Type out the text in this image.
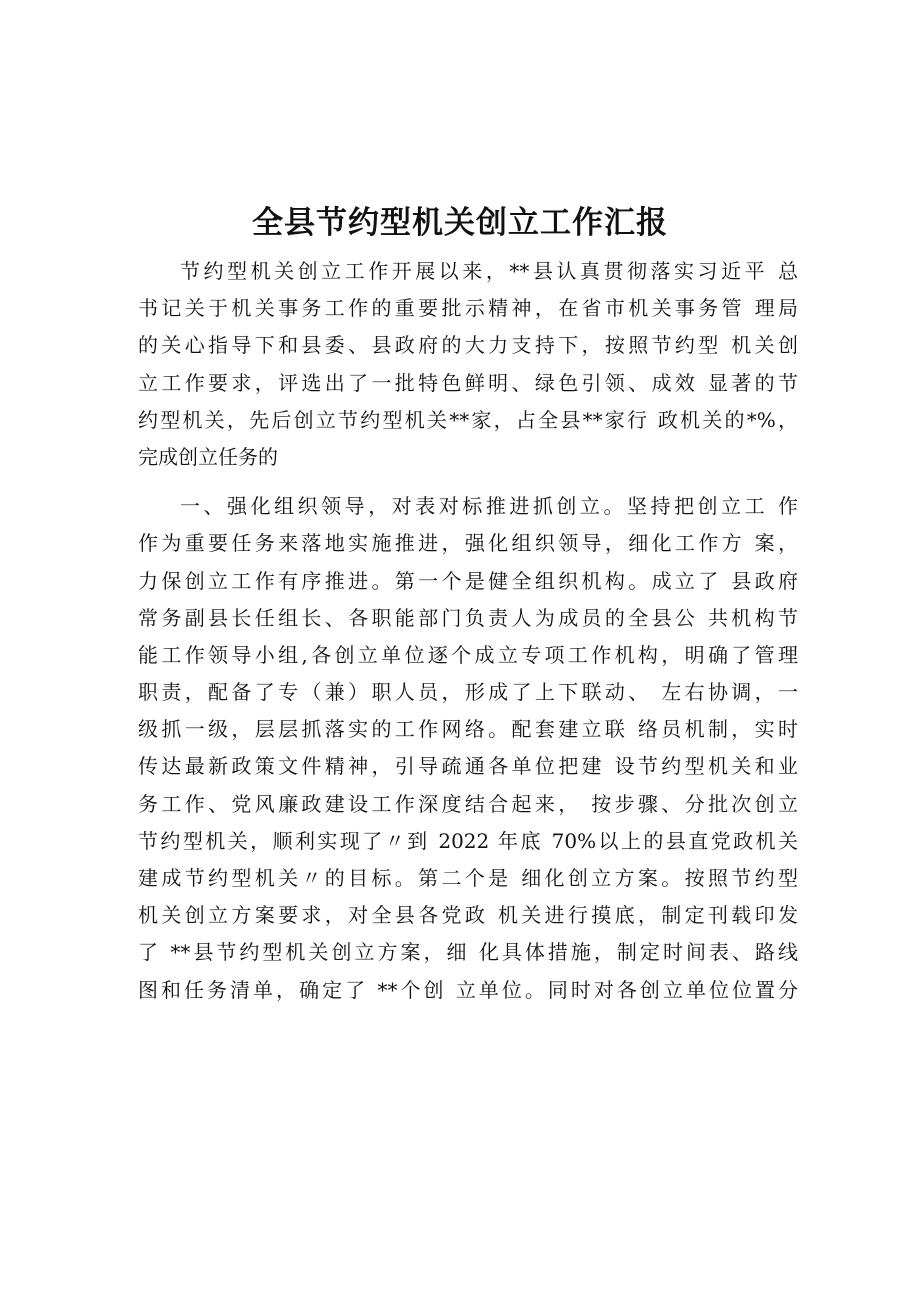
全县节约型机关创立工作汇报
节约型机关创立工作开展以来，**县认真贯彻落实习近平 总
书记关于机关事务工作的重要批示精神，在省市机关事务管 理局
的关心指导下和县委、县政府的大力支持下，按照节约型 机关创
立工作要求，评选出了一批特色鲜明、绿色引领、成效 显著的节
约型机关，先后创立节约型机关**家，占全县**家行 政机关的*%，
完成创立任务的
一、强化组织领导，对表对标推进抓创立。坚持把创立工 作
作为重要任务来落地实施推进，强化组织领导，细化工作方 案，
力保创立工作有序推进。第一个是健全组织机构。成立了 县政府
常务副县长任组长、各职能部门负责人为成员的全县公 共机构节
能工作领导小组,各创立单位逐个成立专项工作机构，明确了管理
职责，配备了专（兼）职人员，形成了上下联动、 左右协调，一
级抓一级，层层抓落实的工作网络。配套建立联 络员机制，实时
传达最新政策文件精神，引导疏通各单位把建 设节约型机关和业
务工作、党风廉政建设工作深度结合起来， 按步骤、分批次创立
节约型机关，顺利实现了〃到 2022 年底 70%以上的县直党政机关
建成节约型机关〃的目标。第二个是 细化创立方案。按照节约型
机关创立方案要求，对全县各党政 机关进行摸底，制定刊载印发
了 **县节约型机关创立方案，细 化具体措施，制定时间表、路线
图和任务清单，确定了 **个创 立单位。同时对各创立单位位置分
